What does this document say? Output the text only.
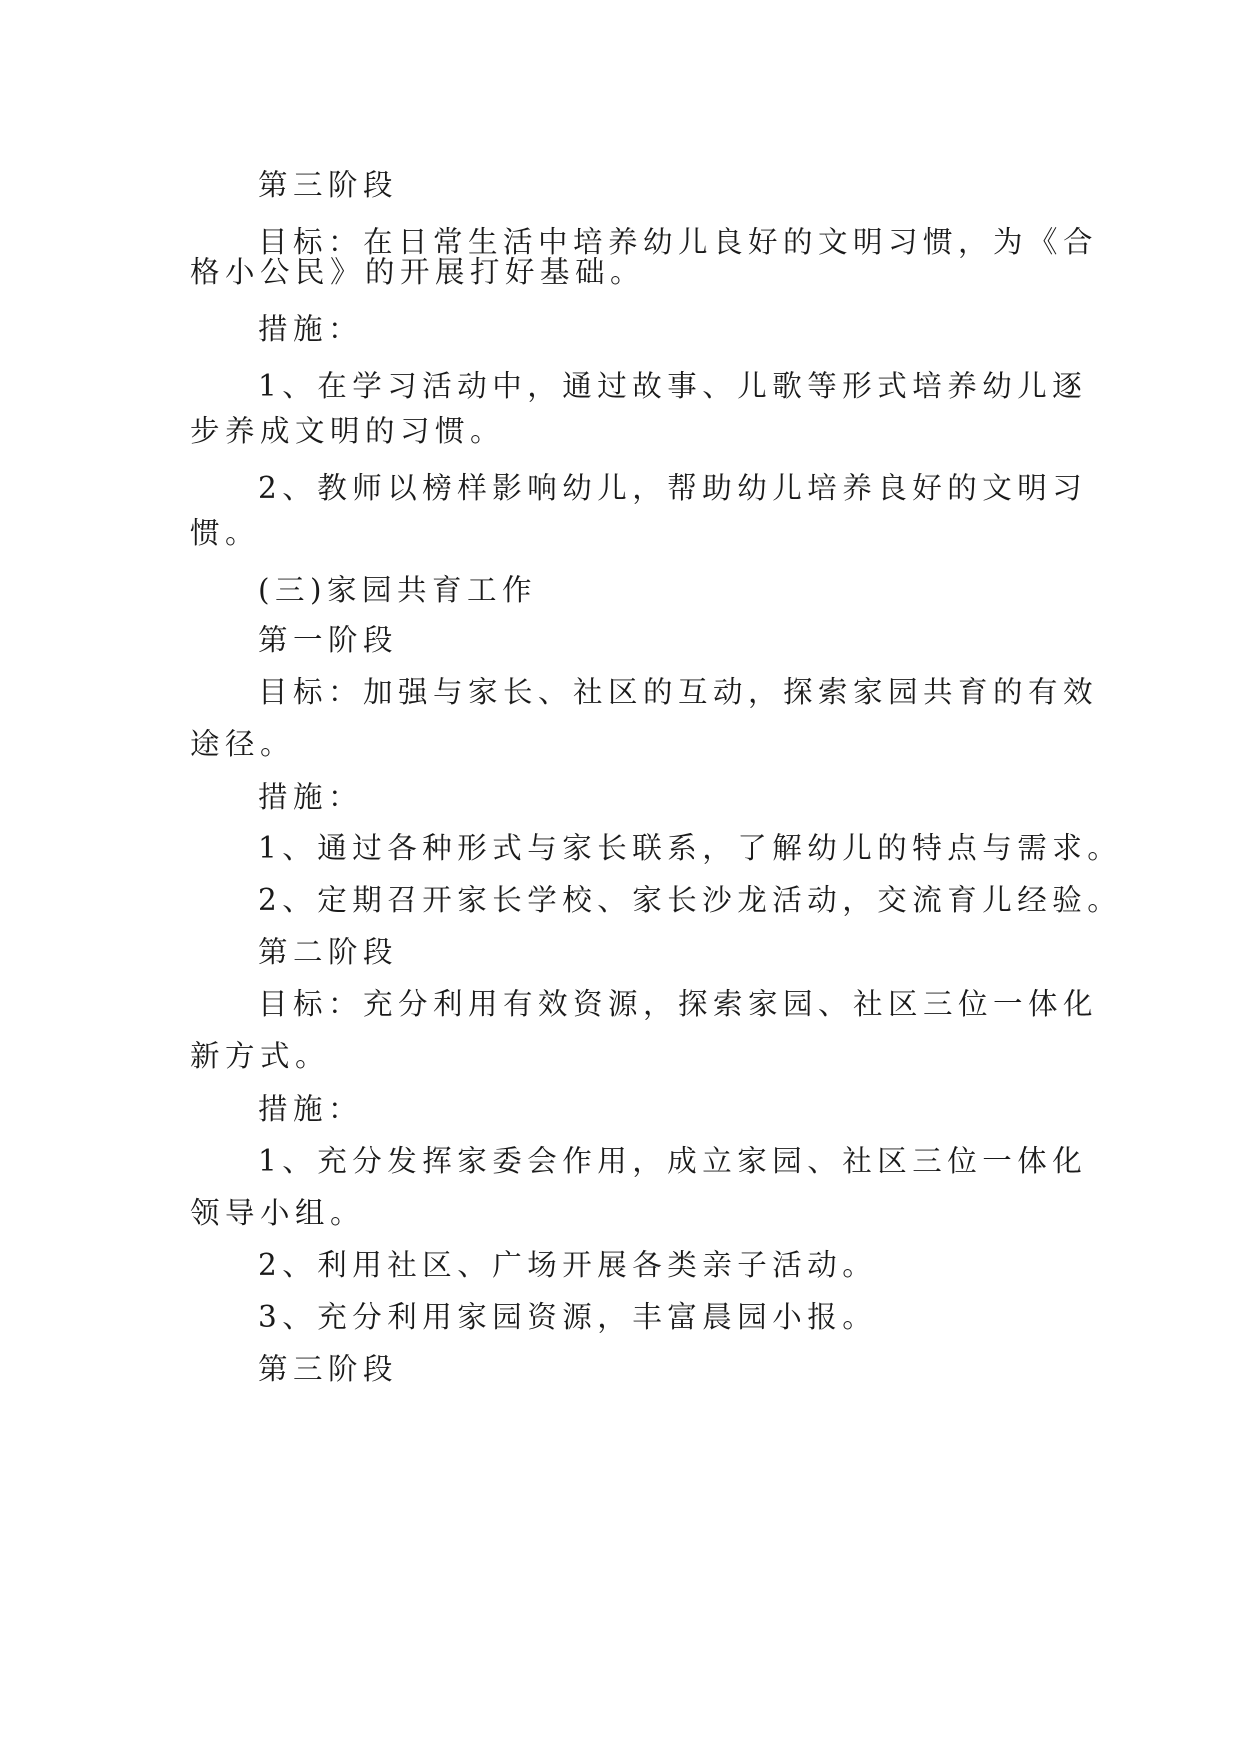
第三阶段

目标：在日常生活中培养幼儿良好的文明习惯，为《合

格小公民》的开展打好基础。

措施：

1、在学习活动中，通过故事、儿歌等形式培养幼儿逐

步养成文明的习惯。

2、教师以榜样影响幼儿，帮助幼儿培养良好的文明习

惯。

(三)家园共育工作

第一阶段

目标：加强与家长、社区的互动，探索家园共育的有效

途径。

措施：

1、通过各种形式与家长联系，了解幼儿的特点与需求。

2、定期召开家长学校、家长沙龙活动，交流育儿经验。

第二阶段

目标：充分利用有效资源，探索家园、社区三位一体化

新方式。

措施：

1、充分发挥家委会作用，成立家园、社区三位一体化

领导小组。

2、利用社区、广场开展各类亲子活动。

3、充分利用家园资源，丰富晨园小报。

第三阶段
